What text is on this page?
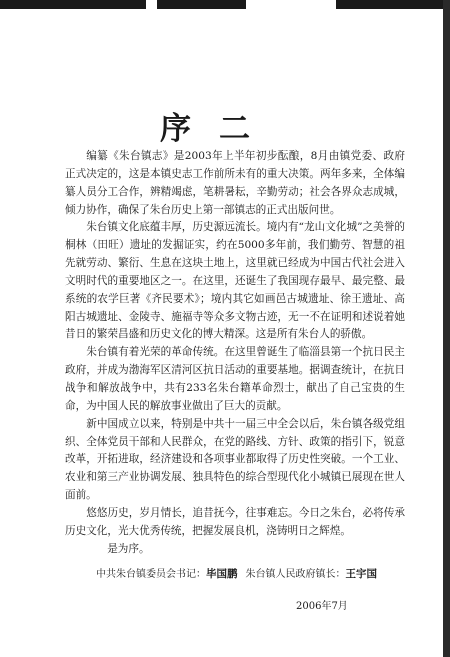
序二

编纂《朱台镇志》是2003年上半年初步酝酿，8月由镇党委、政府正式决定的，这是本镇史志工作前所未有的重大决策。两年多来，全体编纂人员分工合作，辨精竭虑，笔耕暑耘，辛勤劳动；社会各界众志成城，倾力协作，确保了朱台历史上第一部镇志的正式出版问世。

朱台镇文化底蕴丰厚，历史源远流长。境内有“龙山文化城”之美誉的桐林（田旺）遗址的发掘证实，约在5000多年前，我们勤劳、智慧的祖先就劳动、繁衍、生息在这块土地上，这里就已经成为中国古代社会进入文明时代的重要地区之一。在这里，还诞生了我国现存最早、最完整、最系统的农学巨著《齐民要术》；境内其它如画邑古城遗址、徐王遗址、高阳古城遗址、金陵寺、施福寺等众多文物古迹，无一不在证明和述说着她昔日的繁荣昌盛和历史文化的博大精深。这是所有朱台人的骄傲。

朱台镇有着光荣的革命传统。在这里曾诞生了临淄县第一个抗日民主政府，并成为渤海军区清河区抗日活动的重要基地。据调查统计，在抗日战争和解放战争中，共有233名朱台籍革命烈士，献出了自己宝贵的生命，为中国人民的解放事业做出了巨大的贡献。

新中国成立以来，特别是中共十一届三中全会以后，朱台镇各级党组织、全体党员干部和人民群众，在党的路线、方针、政策的指引下，锐意改革，开拓进取，经济建设和各项事业都取得了历史性突破。一个工业、农业和第三产业协调发展、独具特色的综合型现代化小城镇已展现在世人面前。

悠悠历史，岁月情长，追昔抚今，往事难忘。今日之朱台，必将传承历史文化，光大优秀传统，把握发展良机，浇铸明日之辉煌。

是为序。

中共朱台镇委员会书记：毕国鹏 朱台镇人民政府镇长：王宇国
2006年7月
